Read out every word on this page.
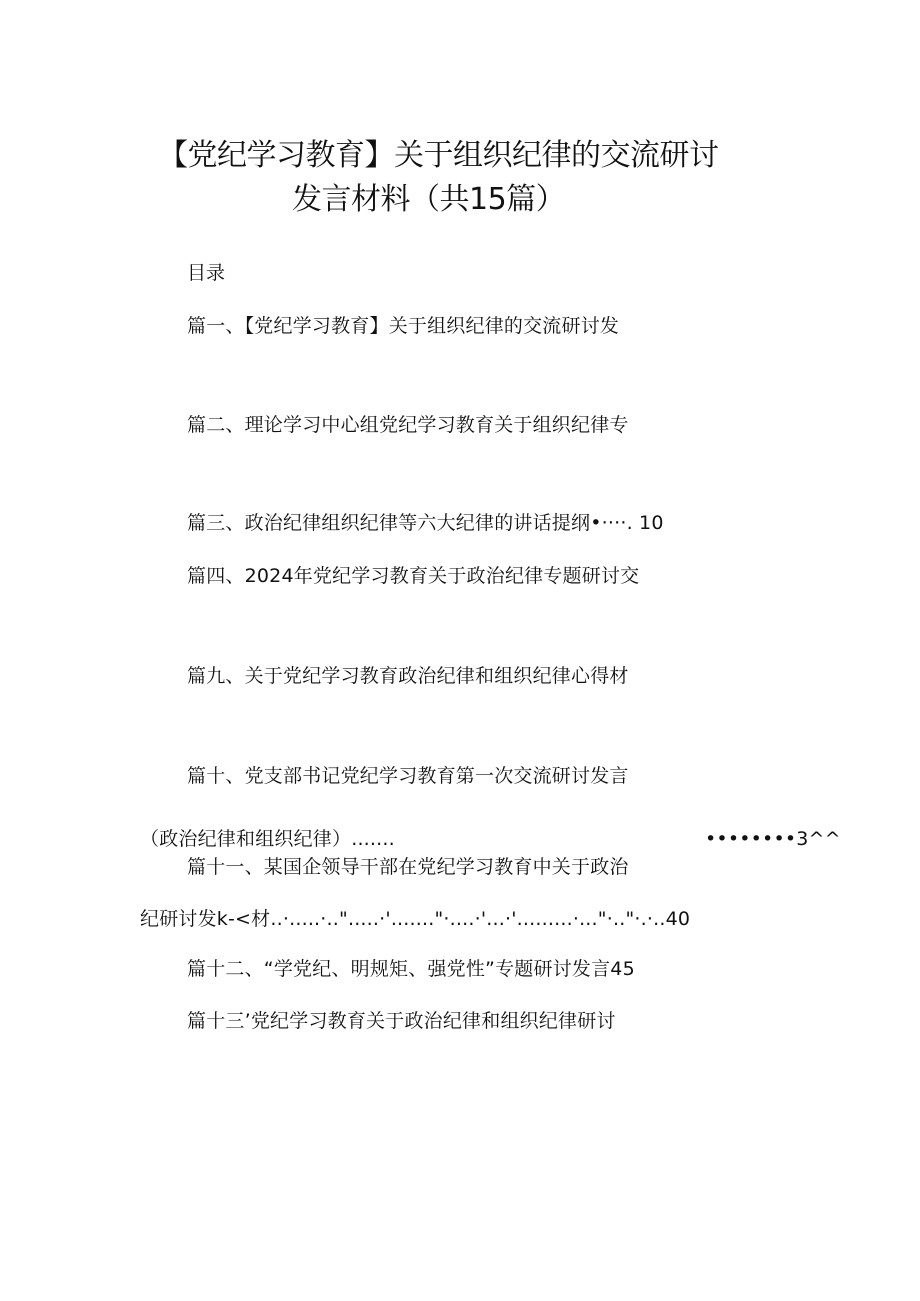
【党纪学习教育】关于组织纪律的交流研讨
发言材料（共15篇）
目录
篇一、【党纪学习教育】关于组织纪律的交流研讨发
篇二、理论学习中心组党纪学习教育关于组织纪律专
篇三、政治纪律组织纪律等六大纪律的讲话提纲•····. 10
篇四、2024年党纪学习教育关于政治纪律专题研讨交
篇九、关于党纪学习教育政治纪律和组织纪律心得材
篇十、党支部书记党纪学习教育第一次交流研讨发言
（政治纪律和组织纪律）.......	••••••••3^^
篇十一、某国企领导干部在党纪学习教育中关于政治
纪研讨发k-<材..·.....·..".....·'......."·....·'...·'.........·..."·.."·.·..40
篇十二、“学党纪、明规矩、强党性”专题研讨发言45
篇十三’党纪学习教育关于政治纪律和组织纪律研讨
